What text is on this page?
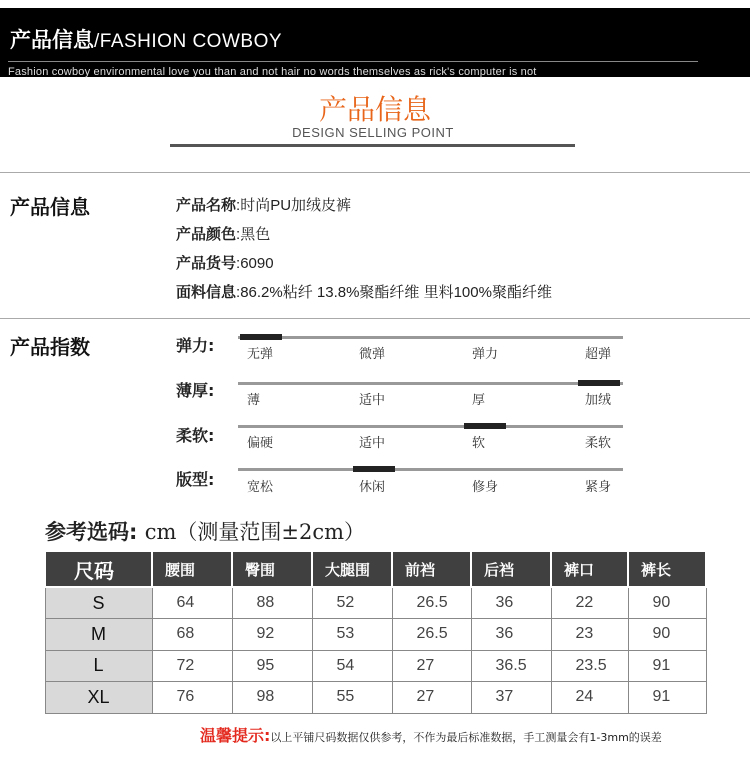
产品信息/FASHION COWBOY
Fashion cowboy environmental love you than and not hair no words themselves as rick's computer is not
产品信息
DESIGN SELLING POINT
产品信息	产品名称:时尚PU加绒皮裤
产品颜色:黑色
产品货号:6090
面料信息:86.2%粘纤 13.8%聚酯纤维 里料100%聚酯纤维
产品指数	弹力:	无弹	微弹	弹力	超弹
薄厚:
薄	适中	厚	加绒
柔软:	偏硬	适中	软	柔软
版型:	宽松	休闲	修身	紧身
参考选码: cm（测量范围±2cm）
尺码	腰围	臀围	大腿围	前裆	后裆	裤口	裤长
S	64	88	52	26.5	36	22	90
M	68	92	53	26.5	36	23	90
L	72	95	54	27	36.5	23.5	91
XL	76	98	55	27	37	24	91
温馨提示:以上平铺尺码数据仅供参考，不作为最后标准数据，手工测量会有1-3mm的误差
